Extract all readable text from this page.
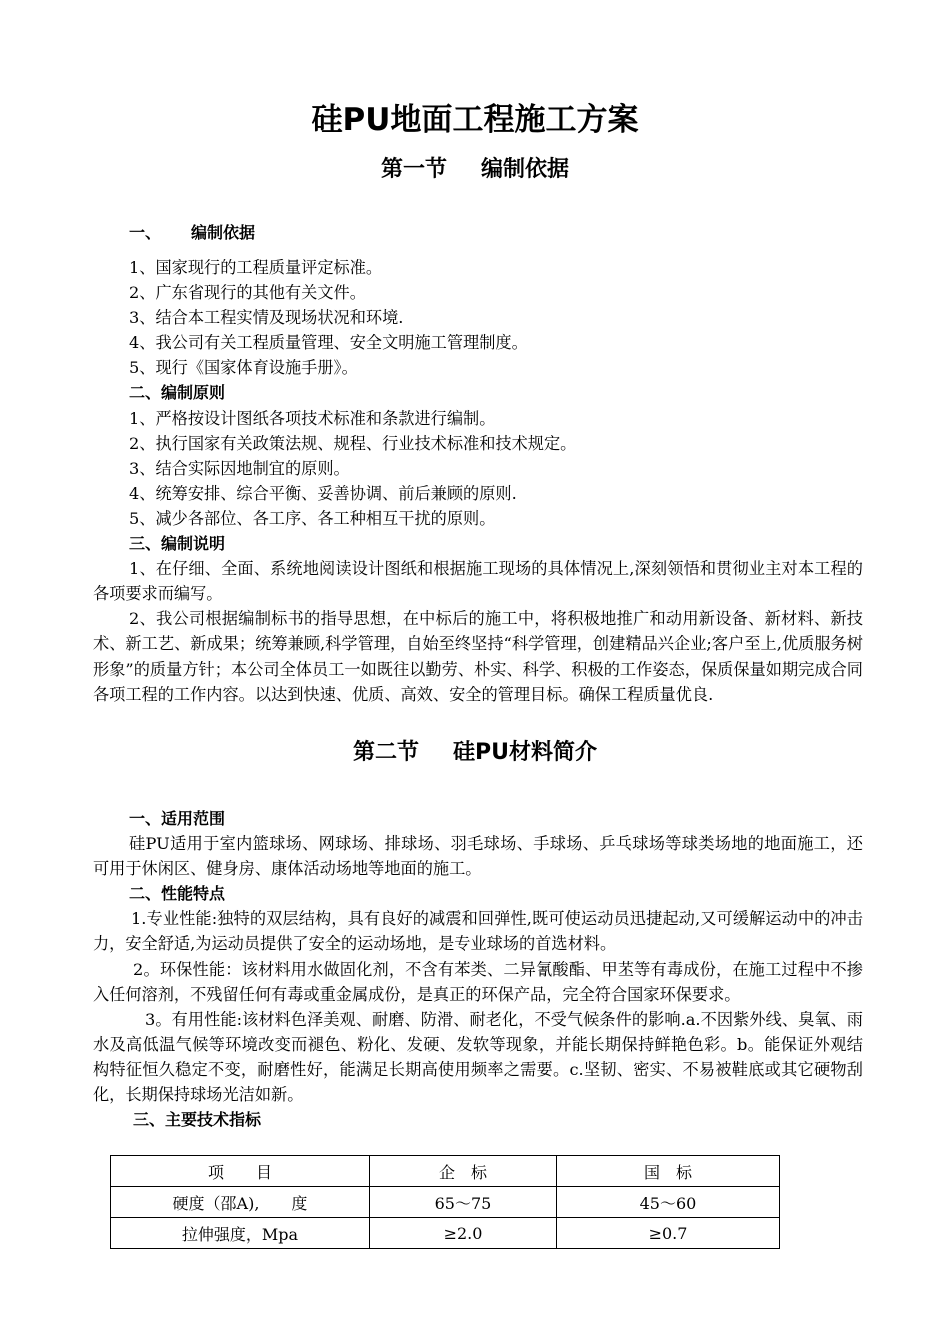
硅PU地面工程施工方案
第一节 编制依据
一、 编制依据
1、国家现行的工程质量评定标准。
2、广东省现行的其他有关文件。
3、结合本工程实情及现场状况和环境.
4、我公司有关工程质量管理、安全文明施工管理制度。
5、现行《国家体育设施手册》。
二、编制原则
1、严格按设计图纸各项技术标准和条款进行编制。
2、执行国家有关政策法规、规程、行业技术标准和技术规定。
3、结合实际因地制宜的原则。
4、统筹安排、综合平衡、妥善协调、前后兼顾的原则.
5、减少各部位、各工序、各工种相互干扰的原则。
三、编制说明
1、在仔细、全面、系统地阅读设计图纸和根据施工现场的具体情况上,深刻领悟和贯彻业主对本工程的各项要求而编写。
2、我公司根据编制标书的指导思想，在中标后的施工中，将积极地推广和动用新设备、新材料、新技术、新工艺、新成果；统筹兼顾,科学管理，自始至终坚持“科学管理，创建精品兴企业;客户至上,优质服务树形象”的质量方针；本公司全体员工一如既往以勤劳、朴实、科学、积极的工作姿态，保质保量如期完成合同各项工程的工作内容。以达到快速、优质、高效、安全的管理目标。确保工程质量优良.
第二节 硅PU材料简介
一、适用范围
硅PU适用于室内篮球场、网球场、排球场、羽毛球场、手球场、乒乓球场等球类场地的地面施工，还可用于休闲区、健身房、康体活动场地等地面的施工。
二、性能特点
1.专业性能:独特的双层结构，具有良好的减震和回弹性,既可使运动员迅捷起动,又可缓解运动中的冲击力，安全舒适,为运动员提供了安全的运动场地，是专业球场的首选材料。
2。环保性能：该材料用水做固化剂，不含有苯类、二异氰酸酯、甲苤等有毒成份，在施工过程中不掺入任何溶剂，不残留任何有毒或重金属成份，是真正的环保产品，完全符合国家环保要求。
3。有用性能:该材料色泽美观、耐磨、防滑、耐老化，不受气候条件的影响.a.不因紫外线、臭氧、雨水及高低温气候等环境改变而褪色、粉化、发硬、发软等现象，并能长期保持鲜艳色彩。b。能保证外观结构特征恒久稳定不变，耐磨性好，能满足长期高使用频率之需要。c.坚韧、密实、不易被鞋底或其它硬物刮化，长期保持球场光洁如新。
三、主要技术指标
项　　目	企　标	国　标
硬度（邵A),　　度	65～75	45～60
拉伸强度，Mpa	≥2.0	≥0.7
